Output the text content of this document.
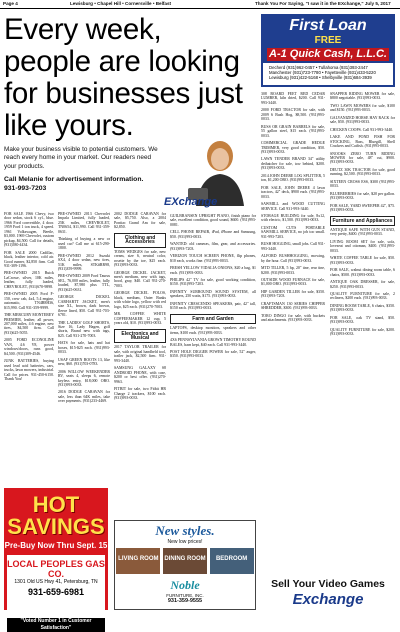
Page 4	Lewisburg • Chapel Hill • Cornersville • Belfast	Thank You For Saying, "I saw it in the EXchange," July 5, 2017
Every week, people are looking for businesses just like yours.

Make your business visible to potential customers. We reach every home in your market. Our readers need your products.

Call Melanie for advertisement information.
931-993-7203
EXchange
FOR SALE 1966 Chevy, two door sedan, stock 6 cyl., blue. 1966 Ford convertible, 4 door. 1959 Ford 1 ton truck, 4 speed. 1961 Volkswagen, Beetle, $3,000. 1969 Chevrolet, custom pickup, $4,500. Call for details, (931)580-4434.
FOR SALE 2000 Cadillac, black, leather interior, cold air. Good runner, $2,850 firm. Call 931-309-1196.
PRE-OWNED 2015 Buick LaCrosse, silver, 10K miles, leather, fully loaded, CHEVROLET, (931)670-9898.
PRE-OWNED 2005 Ford F-150, crew cab, 4x4, 5.4 engine, automatic, TN4B8H36, $15,990. Call 931-359-9999.
THE MERCURY MONTEREY PREMIER, leather, all power, 207,000 miles, 4.6 engine, new tires, $4,500 firm. Call (931)625-5055.
2005 FORD ECONOLINE VAN, 4.6 V8, power windows/doors, runs good, $4,500. (931)309-4546.
JUNK BATTERIES, buying used lead acid batteries, cars, trucks, lawn mowers, industrial. Call for prices. 931-450-6150. Thank You!
PRE-OWNED 2013 Chevrolet Impala Limited, fully loaded, 25K miles, CHEVROLET, TN0654, $11,990. Call 931-359-0631.
Thinking of buying a new or used car? Call me at 615-290-1800.
PRE-OWNED 2012 Suzuki SX4, 4 door sedan, new tires, 51K miles, STK#RR98, (931)359-9999.
PRE-OWNED 2009 Ford Taurus SEL, 76,000 miles, leather, fully loaded, $7,980 plus TTL, (931)625-0631.
GEORGE DICKEL CARHARTT JACKET, men's size XL, brown, dark brown, fleece lined, $50. Call 931-703-6781.
THE LADIES' GOLF SHORTS, Size 16, Lady Hagen, golf shorts, Brand new with tags, $25. Call 931-270-7003.
HATS for sale, hats and hat boxes, $15-$25 each. (931)993-0033.
USAF GREEN BOOTS 13, like new, $60. (931)703-0783.
2006 WILLOW WEEKENDER RV, seats 4, sleeps 6, remote keyless entry, $18,000 OBO. (931)993-0033.
2016 DODGE CARAVAN for sale, less than 64K miles, take over payments. (931)233-4469.
2002 DODGE CARAVAN for sale, $5,750. Also, a 2004 Pontiac Grand Am for sale, $2,850.
Clothing and Accessories
TOMS WEDGES for sale, new cream, size 6, neutral color, rosette by the toe, $25 each. (931)993-0033.
GEORGE DICKEL JACKET, men's medium, new with tags, hood, gray, $40. Call 931-270-7003.
GEORGE DICKEL POLOS, black, medium, Outer Banks with white logo, yellow with red logo, $25 each. (931)270-7003.
MR. COFFEE WHITE COFFEEMAKER 12 cup, 5 years old, $10. (931)993-0033.
Electronics and Musical
2017 TAYLOR TRAILER for sale, with original handheld tool, trailer jack, $2,500 firm. 931-993-3440.
SAMSUNG GALAXY S8 ANDROID PHONE, with case, $200 or best offer. (931)270-9963.
FITBIT for sale, two Fitbit HR Charge 2 trackers, $100 each. (931)993-0033.
GUILBRANSEN UPRIGHT PIANO, finish piano for sale, excellent condition, good sound, $600. (931)993-0081.
CELL PHONE REPAIR, iPad, iPhone and Samsung, $50. (931)993-0033.
WANTED: old cameras, film, gear, and accessories. (931)993-7203.
VERIZON TOUCH SCREEN PHONE, flip phones, $10 each, works fine. (931)993-0033.
FRESH YELLOW VIDALIA ONIONS, $20 a bag, $1 each. (931)993-0033.
PHILIPS 42" TV for sale, good working condition, $150. (931)993-7203.
INFINITY SURROUND SOUND SYSTEM, all speakers, 250 watts, $175. (931)993-0033.
INFINITY CRESCENDO SPEAKERS, pair, 42" tall, $150 each. (931)993-0033.
Farm and Garden
LAPTOPS, desktop monitors, speakers and other items, $100 each. (931)993-0033.
4X6 PENNSYLVANIA GROWN TIMOTHY ROUND BALES, barn kept, $40 each. Call 931-993-3440.
POST HOLE DIGGER POWER for sale, 52" auger, $350. (931)993-0033.
HOT SAVINGS
Pre-Buy Now Thru Sept. 15
LOCAL PEOPLES GAS CO.
1301 Old US Hwy 41, Petersburg, TN
931-659-6981
"Voted Number 1 in Customer Satisfaction"
New styles.
New low prices!
LIVING ROOM DINING ROOM	BEDROOM
Noble
FURNITURE, INC.
931-359-9555
First Loan
FREE
A-1 Quick Cash, L.L.C.
Decherd (931)962-0457 • Tullahoma (931)393-2447
Manchester (931)723-7780 • Fayetteville (931)433-5220
Lewisburg (931)422-5168 • Shelbyville (931)684-3939
308 BOARD FEET RED CEDAR LUMBER, kiln dried, $200. Call 931-993-3440.
2000 FORD TRACTOR for sale, with 2009 6 Bush Hog, $8,500. (931)993-0033.
BUSS OR GRAIN BARRELS for sale, 55 gallon steel, $15 each. (931)993-0033.
COMMERCIAL GRADE HEDGE TRIMMER, very good condition, $50. (931)993-0033.
LAWN TENDER BRAND 34" utility dethatcher for sale, tow behind, $200. (931)993-0033.
2014 JOHN DEERE LOG SPLITTER, 5 ton, $1,200 OBO. (931)993-0033.
FOR SALE, JOHN DEERE 4 lawn tractors, 42" deck, $900 each. (931)993-0033.
SAWMILL and WOOD CUTTING SERVICE. Call 931-993-3440.
STORAGE BUILDING for sale, 8x12, with electric, $1,500. (931)993-0033.
CUSTOM CUTS PORTABLE SAWMILL SERVICE, no job too small. 931-993-7203.
BUSH HOGGING, small jobs. Call 931-993-3440.
ALFORD BUSHHOGGING, mowing, by the hour. Call (931)993-0033.
MTD TILLER, 5 hp, 20" tine, rear tine, $200. (931)993-0033.
OUTSIDE WOOD FURNACE for sale, $1,000 OBO. (931)993-0033.
HIP GARDEN TILLER for sale, $350. (931)993-7203.
CRAFTSMAN 130 SERIES CHIPPER SHREDDER, $300. (931)993-0033.
TORO DINGO for sale, with buckets and attachments. (931)993-0033.
SNAPPER RIDING MOWER for sale, $800 negotiable. (931)993-0033.
TWO LAWN MOWERS for sale, $100 and $150. (931)993-0033.
GALVANIZED HORSE HAY RACK for sale, $50. (931)993-0033.
CHICKEN COOPS. Call 931-993-3440.
LAKE AND POND FISH FOR STOCKING, Bass, Bluegill, Shell Crackers and Catfish. (931)993-0033.
SNOOKS ZERO TURN RIDING MOWER for sale, 48" cut, $900. (931)993-0033.
DEUTZ 30K TRACTOR for sale, good running, $2,500. (931)993-0033.
SIXTEEN CROSS ESS, $300 (931)993-0033.
BLUEBERRIES for sale, $20 per gallon. (931)993-0033.
FOR SALE, YARD SWEEPER 42", $75. (931)993-0033.
Furniture and Appliances
ANTIQUE SAFE WITH GUN STAND, very pretty, $400. (931)993-0033.
LIVING ROOM SET for sale, sofa, loveseat and ottoman, $400. (931)993-0033.
WHITE COFFEE TABLE for sale, $50. (931)993-0033.
FOR SALE, walnut dining room table, 6 chairs, $500. (931)993-0033.
ANTIQUE OAK DRESSER, for sale, $250. (931)993-0033.
QUALITY FURNITURE for sale, 2 recliners, $200 each. (931)993-0033.
DINING ROOM TABLE, 6 chairs, $350. (931)993-0033.
FOR SALE, oak TV stand, $50. (931)993-0033.
QUALITY FURNITURE for sale, $200. (931)993-0033.
Sell Your Video Games
Exchange
